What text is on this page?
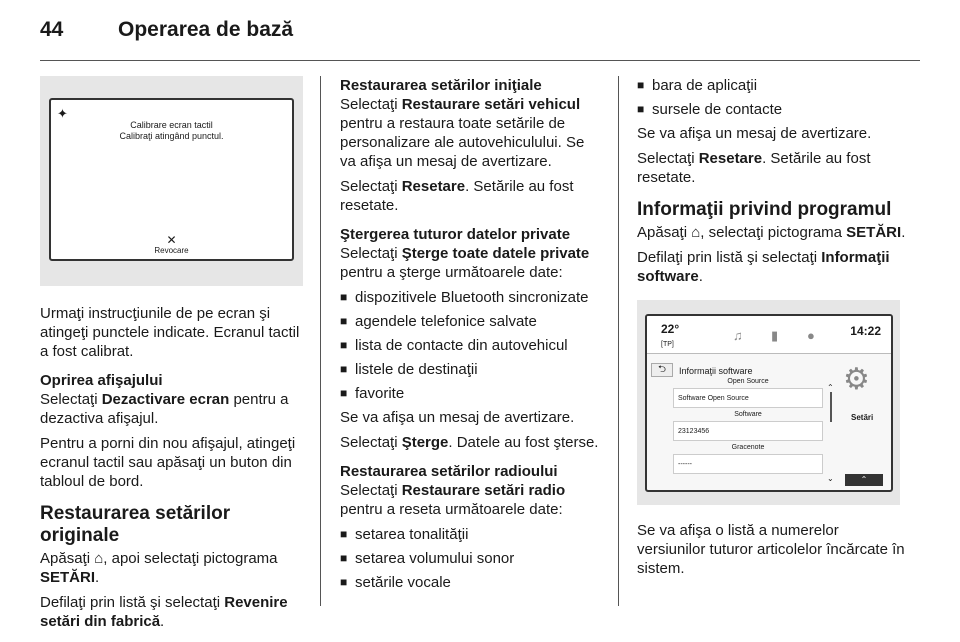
44	Operarea de bază
✦
Calibrare ecran tactil
Calibraţi atingând punctul.
✕
Revocare

Urmaţi instrucţiunile de pe ecran şi atingeţi punctele indicate. Ecranul tactil a fost calibrat.

Oprirea afişajului

Selectaţi Dezactivare ecran pentru a dezactiva afişajul.

Pentru a porni din nou afişajul, atingeţi ecranul tactil sau apăsaţi un buton din tabloul de bord.

Restaurarea setărilor originale

Apăsaţi ⌂, apoi selectaţi pictograma SETĂRI.

Defilaţi prin listă şi selectaţi Revenire setări din fabrică.

Restaurarea setărilor iniţiale

Selectaţi Restaurare setări vehicul pentru a restaura toate setările de personalizare ale autovehiculului. Se va afişa un mesaj de avertizare.

Selectaţi Resetare. Setările au fost resetate.

Ştergerea tuturor datelor private

Selectaţi Şterge toate datele private pentru a şterge următoarele date:

■ dispozitivele Bluetooth sincronizate
■ agendele telefonice salvate
■ lista de contacte din autovehicul
■ listele de destinaţii
■ favorite

Se va afişa un mesaj de avertizare.

Selectaţi Şterge. Datele au fost şterse.

Restaurarea setărilor radioului

Selectaţi Restaurare setări radio pentru a reseta următoarele date:

■ setarea tonalităţii
■ setarea volumului sonor
■ setările vocale
■ bara de aplicaţii
■ sursele de contacte

Se va afişa un mesaj de avertizare.

Selectaţi Resetare. Setările au fost resetate.

Informaţii privind programul

Apăsaţi ⌂, selectaţi pictograma SETĂRI.

Defilaţi prin listă şi selectaţi Informaţii software.

22°
[TP]
♫ ▮ ●	14:22
⮌	Informaţii software
Open Source
Software Open Source
Software
23123456
Gracenote
------
⌃
⌄
⚙
Setări
⌃

Se va afişa o listă a numerelor versiunilor tuturor articolelor încărcate în sistem.
